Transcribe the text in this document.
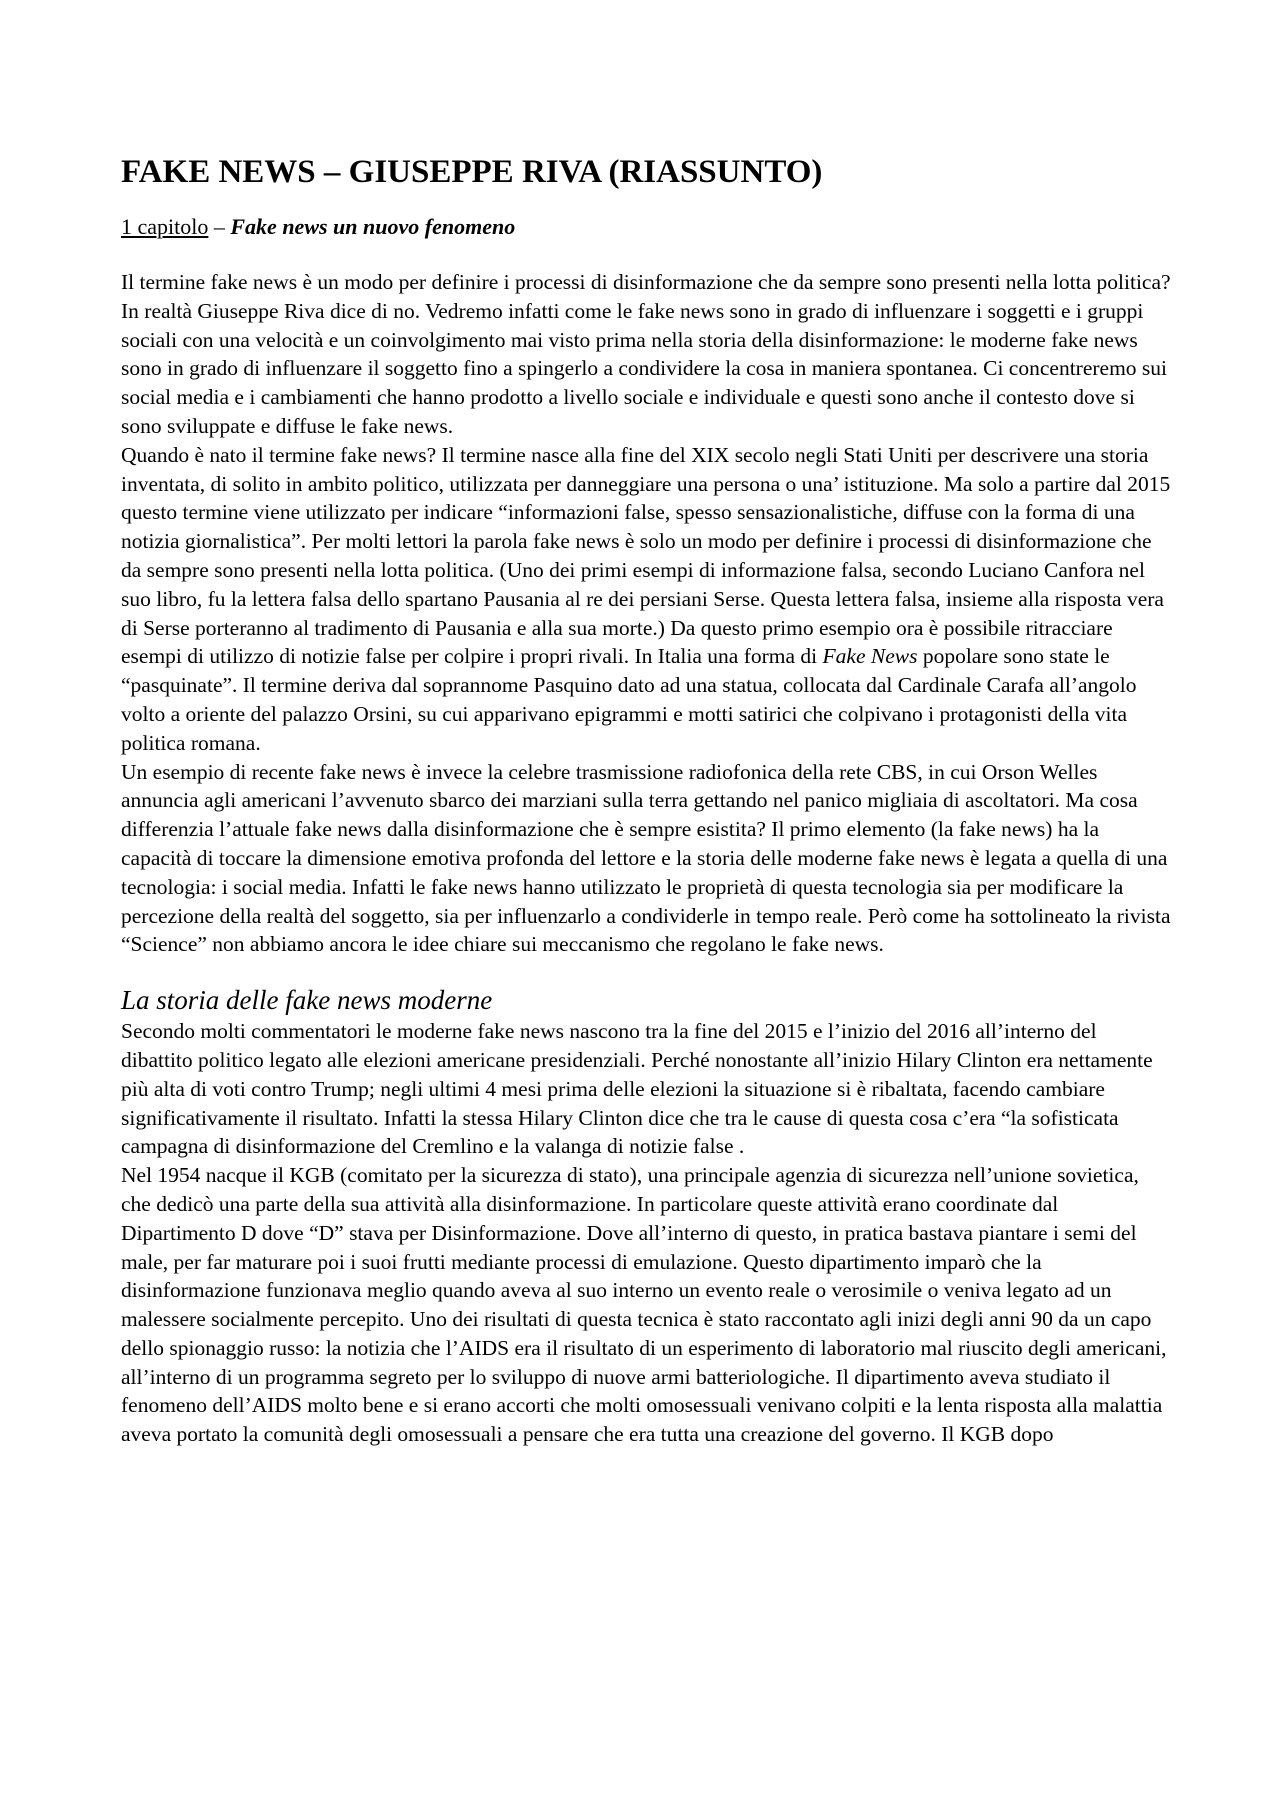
FAKE NEWS – GIUSEPPE RIVA (RIASSUNTO)

1 capitolo – Fake news un nuovo fenomeno

Il termine fake news è un modo per definire i processi di disinformazione che da sempre sono presenti nella lotta politica? In realtà Giuseppe Riva dice di no. Vedremo infatti come le fake news sono in grado di influenzare i soggetti e i gruppi sociali con una velocità e un coinvolgimento mai visto prima nella storia della disinformazione: le moderne fake news sono in grado di influenzare il soggetto fino a spingerlo a condividere la cosa in maniera spontanea. Ci concentreremo sui social media e i cambiamenti che hanno prodotto a livello sociale e individuale e questi sono anche il contesto dove si sono sviluppate e diffuse le fake news.

Quando è nato il termine fake news? Il termine nasce alla fine del XIX secolo negli Stati Uniti per descrivere una storia inventata, di solito in ambito politico, utilizzata per danneggiare una persona o una’ istituzione. Ma solo a partire dal 2015 questo termine viene utilizzato per indicare “informazioni false, spesso sensazionalistiche, diffuse con la forma di una notizia giornalistica”. Per molti lettori la parola fake news è solo un modo per definire i processi di disinformazione che da sempre sono presenti nella lotta politica. (Uno dei primi esempi di informazione falsa, secondo Luciano Canfora nel suo libro, fu la lettera falsa dello spartano Pausania al re dei persiani Serse. Questa lettera falsa, insieme alla risposta vera di Serse porteranno al tradimento di Pausania e alla sua morte.) Da questo primo esempio ora è possibile ritracciare esempi di utilizzo di notizie false per colpire i propri rivali. In Italia una forma di Fake News popolare sono state le “pasquinate”. Il termine deriva dal soprannome Pasquino dato ad una statua, collocata dal Cardinale Carafa all’angolo volto a oriente del palazzo Orsini, su cui apparivano epigrammi e motti satirici che colpivano i protagonisti della vita politica romana.

Un esempio di recente fake news è invece la celebre trasmissione radiofonica della rete CBS, in cui Orson Welles annuncia agli americani l’avvenuto sbarco dei marziani sulla terra gettando nel panico migliaia di ascoltatori. Ma cosa differenzia l’attuale fake news dalla disinformazione che è sempre esistita? Il primo elemento (la fake news) ha la capacità di toccare la dimensione emotiva profonda del lettore e la storia delle moderne fake news è legata a quella di una tecnologia: i social media. Infatti le fake news hanno utilizzato le proprietà di questa tecnologia sia per modificare la percezione della realtà del soggetto, sia per influenzarlo a condividerle in tempo reale. Però come ha sottolineato la rivista “Science” non abbiamo ancora le idee chiare sui meccanismo che regolano le fake news.

La storia delle fake news moderne

Secondo molti commentatori le moderne fake news nascono tra la fine del 2015 e l’inizio del 2016 all’interno del dibattito politico legato alle elezioni americane presidenziali. Perché nonostante all’inizio Hilary Clinton era nettamente più alta di voti contro Trump; negli ultimi 4 mesi prima delle elezioni la situazione si è ribaltata, facendo cambiare significativamente il risultato. Infatti la stessa Hilary Clinton dice che tra le cause di questa cosa c’era “la sofisticata campagna di disinformazione del Cremlino e la valanga di notizie false .

Nel 1954 nacque il KGB (comitato per la sicurezza di stato), una principale agenzia di sicurezza nell’unione sovietica, che dedicò una parte della sua attività alla disinformazione. In particolare queste attività erano coordinate dal Dipartimento D dove “D” stava per Disinformazione. Dove all’interno di questo, in pratica bastava piantare i semi del male, per far maturare poi i suoi frutti mediante processi di emulazione. Questo dipartimento imparò che la disinformazione funzionava meglio quando aveva al suo interno un evento reale o verosimile o veniva legato ad un malessere socialmente percepito. Uno dei risultati di questa tecnica è stato raccontato agli inizi degli anni 90 da un capo dello spionaggio russo: la notizia che l’AIDS era il risultato di un esperimento di laboratorio mal riuscito degli americani, all’interno di un programma segreto per lo sviluppo di nuove armi batteriologiche. Il dipartimento aveva studiato il fenomeno dell’AIDS molto bene e si erano accorti che molti omosessuali venivano colpiti e la lenta risposta alla malattia aveva portato la comunità degli omosessuali a pensare che era tutta una creazione del governo. Il KGB dopo
